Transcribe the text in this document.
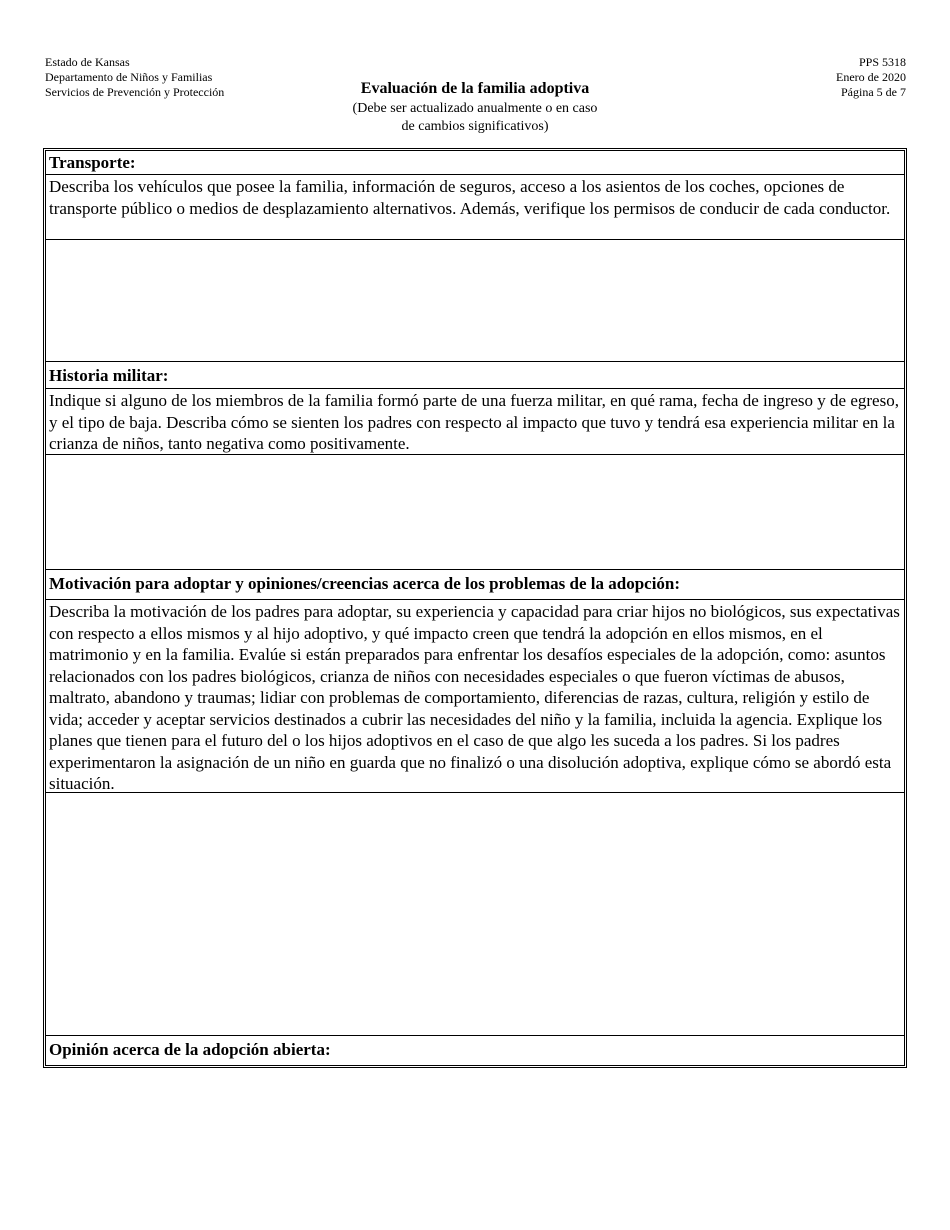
Estado de Kansas
Departamento de Niños y Familias
Servicios de Prevención y Protección	Evaluación de la familia adoptiva
(Debe ser actualizado anualmente o en caso
de cambios significativos)
PPS 5318
Enero de 2020
Página 5 de 7
Transporte:
Describa los vehículos que posee la familia, información de seguros, acceso a los asientos de los coches, opciones de transporte público o medios de desplazamiento alternativos. Además, verifique los permisos de conducir de cada conductor.
Historia militar:
Indique si alguno de los miembros de la familia formó parte de una fuerza militar, en qué rama, fecha de ingreso y de egreso, y el tipo de baja. Describa cómo se sienten los padres con respecto al impacto que tuvo y tendrá esa experiencia militar en la crianza de niños, tanto negativa como positivamente.
Motivación para adoptar y opiniones/creencias acerca de los problemas de la adopción:
Describa la motivación de los padres para adoptar, su experiencia y capacidad para criar hijos no biológicos, sus expectativas con respecto a ellos mismos y al hijo adoptivo, y qué impacto creen que tendrá la adopción en ellos mismos, en el matrimonio y en la familia. Evalúe si están preparados para enfrentar los desafíos especiales de la adopción, como: asuntos relacionados con los padres biológicos, crianza de niños con necesidades especiales o que fueron víctimas de abusos, maltrato, abandono y traumas; lidiar con problemas de comportamiento, diferencias de razas, cultura, religión y estilo de vida; acceder y aceptar servicios destinados a cubrir las necesidades del niño y la familia, incluida la agencia. Explique los planes que tienen para el futuro del o los hijos adoptivos en el caso de que algo les suceda a los padres. Si los padres experimentaron la asignación de un niño en guarda que no finalizó o una disolución adoptiva, explique cómo se abordó esta situación.
Opinión acerca de la adopción abierta:
